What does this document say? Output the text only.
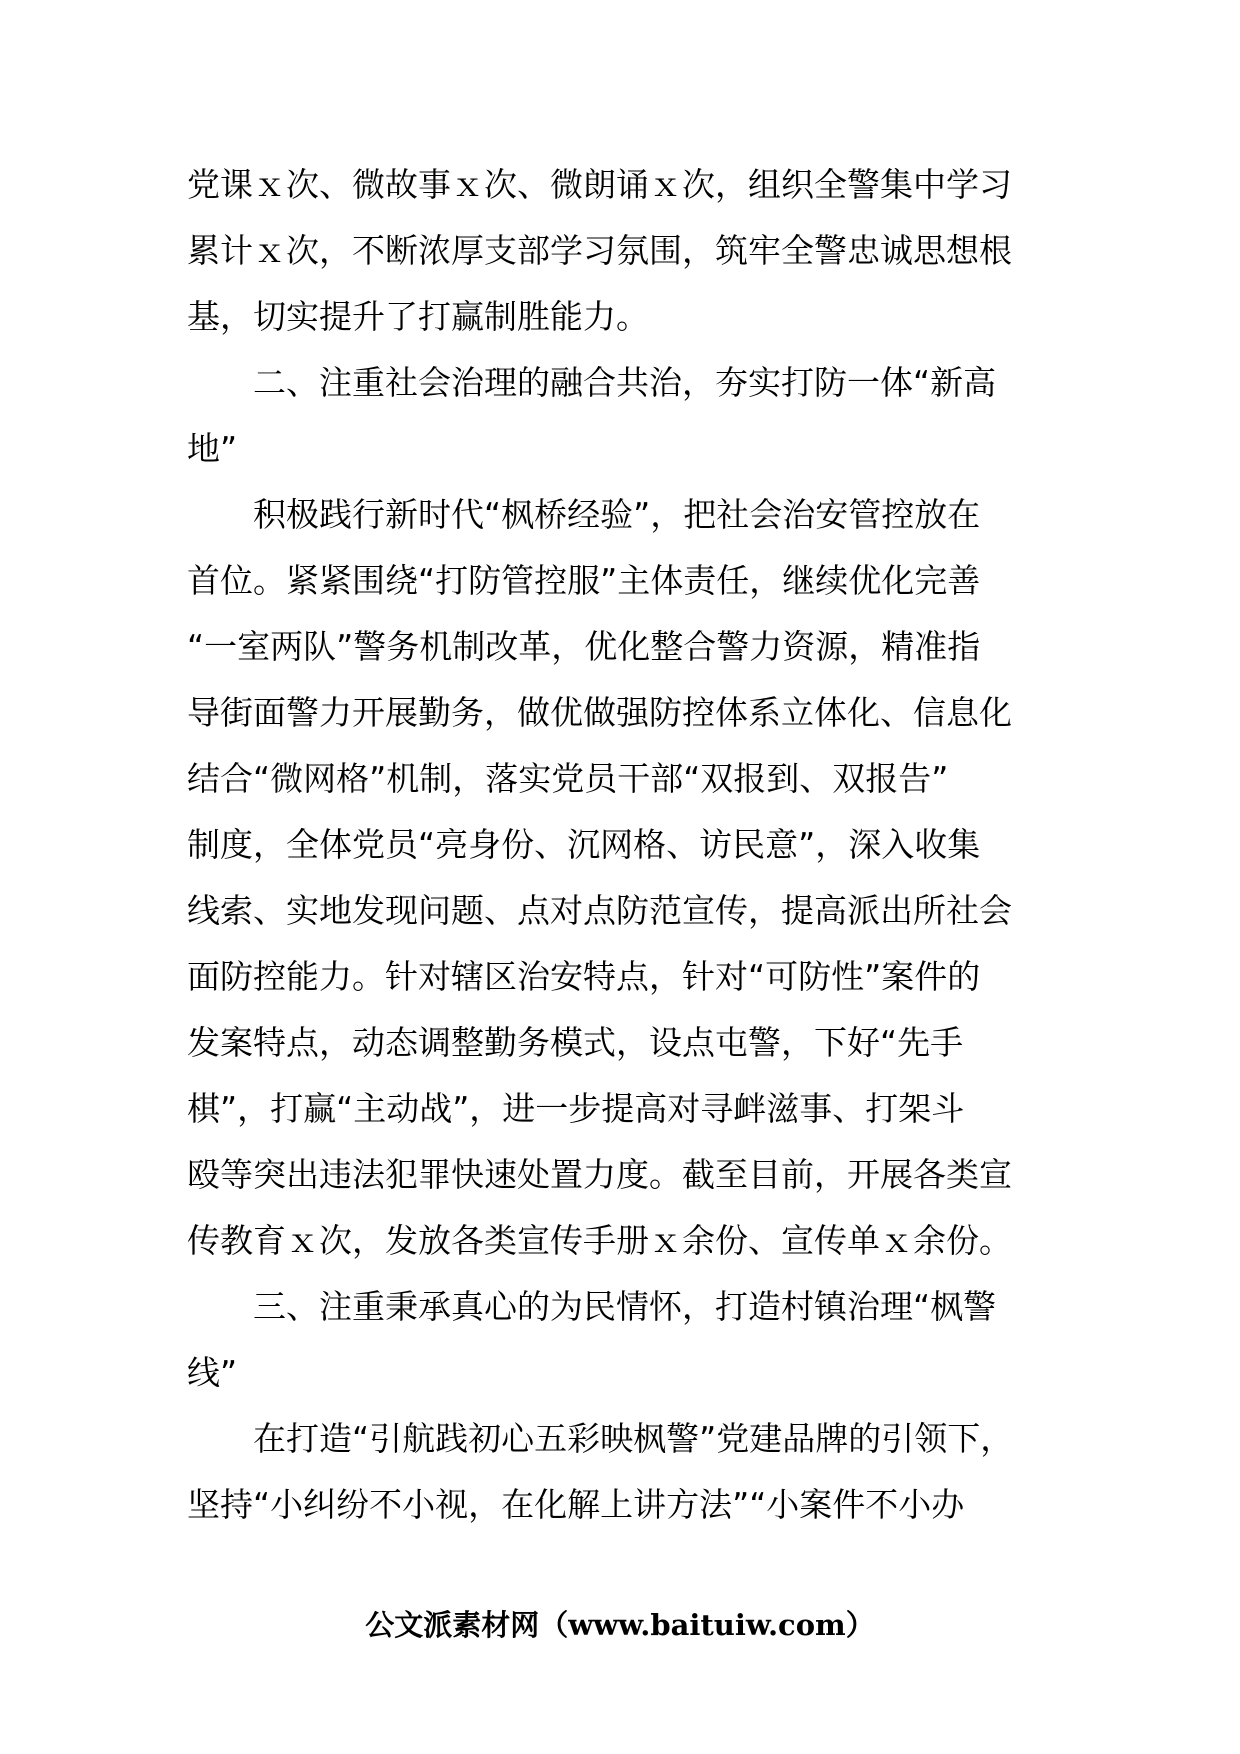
党课ｘ次、微故事ｘ次、微朗诵ｘ次，组织全警集中学习
累计ｘ次，不断浓厚支部学习氛围，筑牢全警忠诚思想根
基，切实提升了打赢制胜能力。
二、注重社会治理的融合共治，夯实打防一体“新高
地”
积极践行新时代“枫桥经验”，把社会治安管控放在
首位。紧紧围绕“打防管控服”主体责任，继续优化完善
“一室两队”警务机制改革，优化整合警力资源，精准指
导街面警力开展勤务，做优做强防控体系立体化、信息化
结合“微网格”机制，落实党员干部“双报到、双报告”
制度，全体党员“亮身份、沉网格、访民意”，深入收集
线索、实地发现问题、点对点防范宣传，提高派出所社会
面防控能力。针对辖区治安特点，针对“可防性”案件的
发案特点，动态调整勤务模式，设点屯警，下好“先手
棋”，打赢“主动战”，进一步提高对寻衅滋事、打架斗
殴等突出违法犯罪快速处置力度。截至目前，开展各类宣
传教育ｘ次，发放各类宣传手册ｘ余份、宣传单ｘ余份。
三、注重秉承真心的为民情怀，打造村镇治理“枫警
线”
在打造“引航践初心五彩映枫警”党建品牌的引领下，
坚持“小纠纷不小视，在化解上讲方法”“小案件不小办
公文派素材网（www.baituiw.com）
